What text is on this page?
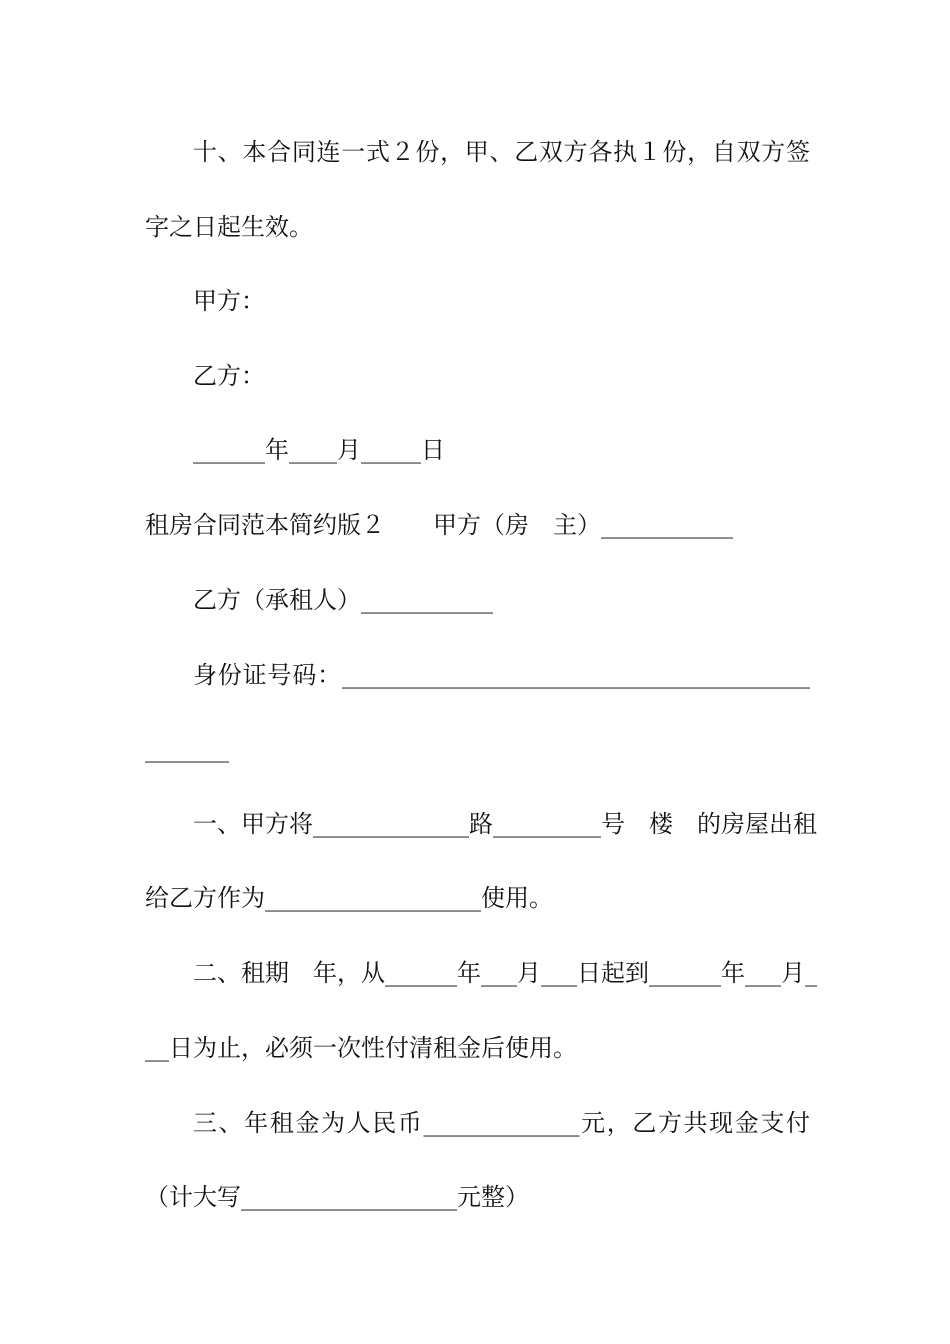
十、本合同连一式２份，甲、乙双方各执１份，自双方签
字之日起生效。
甲方：
乙方：
______年____月_____日
租房合同范本简约版２　　甲方（房　主）___________
乙方（承租人）___________
身份证号码：_______________________________________
_______
一、甲方将_____________路_________号　楼　的房屋出租
给乙方作为__________________使用。
二、租期　年，从______年___月___日起到______年___月_
__日为止，必须一次性付清租金后使用。
三、年租金为人民币_____________元，乙方共现金支付
（计大写__________________元整）
